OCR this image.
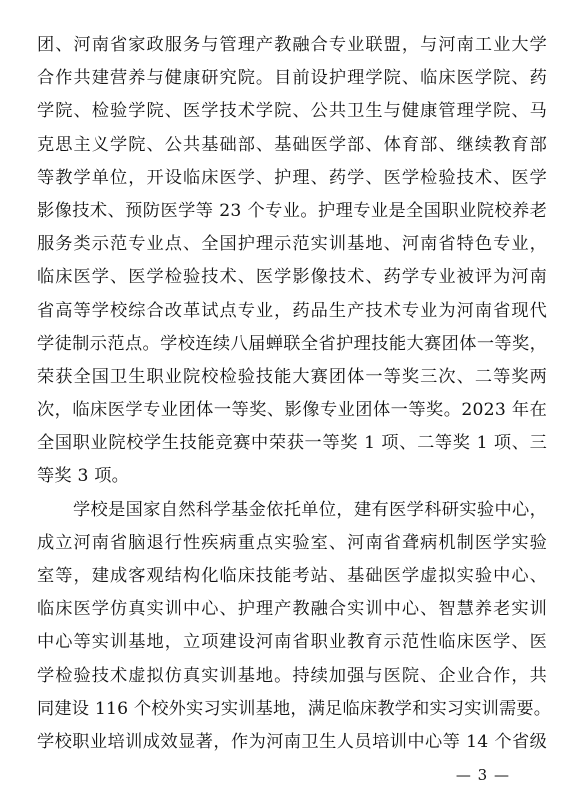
团、河南省家政服务与管理产教融合专业联盟，与河南工业大学
合作共建营养与健康研究院。目前设护理学院、临床医学院、药
学院、检验学院、医学技术学院、公共卫生与健康管理学院、马
克思主义学院、公共基础部、基础医学部、体育部、继续教育部
等教学单位，开设临床医学、护理、药学、医学检验技术、医学
影像技术、预防医学等 23 个专业。护理专业是全国职业院校养老
服务类示范专业点、全国护理示范实训基地、河南省特色专业，
临床医学、医学检验技术、医学影像技术、药学专业被评为河南
省高等学校综合改革试点专业，药品生产技术专业为河南省现代
学徒制示范点。学校连续八届蝉联全省护理技能大赛团体一等奖，
荣获全国卫生职业院校检验技能大赛团体一等奖三次、二等奖两
次，临床医学专业团体一等奖、影像专业团体一等奖。2023 年在
全国职业院校学生技能竞赛中荣获一等奖 1 项、二等奖 1 项、三
等奖 3 项。
学校是国家自然科学基金依托单位，建有医学科研实验中心，
成立河南省脑退行性疾病重点实验室、河南省聋病机制医学实验
室等，建成客观结构化临床技能考站、基础医学虚拟实验中心、
临床医学仿真实训中心、护理产教融合实训中心、智慧养老实训
中心等实训基地，立项建设河南省职业教育示范性临床医学、医
学检验技术虚拟仿真实训基地。持续加强与医院、企业合作，共
同建设 116 个校外实习实训基地，满足临床教学和实习实训需要。
学校职业培训成效显著，作为河南卫生人员培训中心等 14 个省级
— 3 —
